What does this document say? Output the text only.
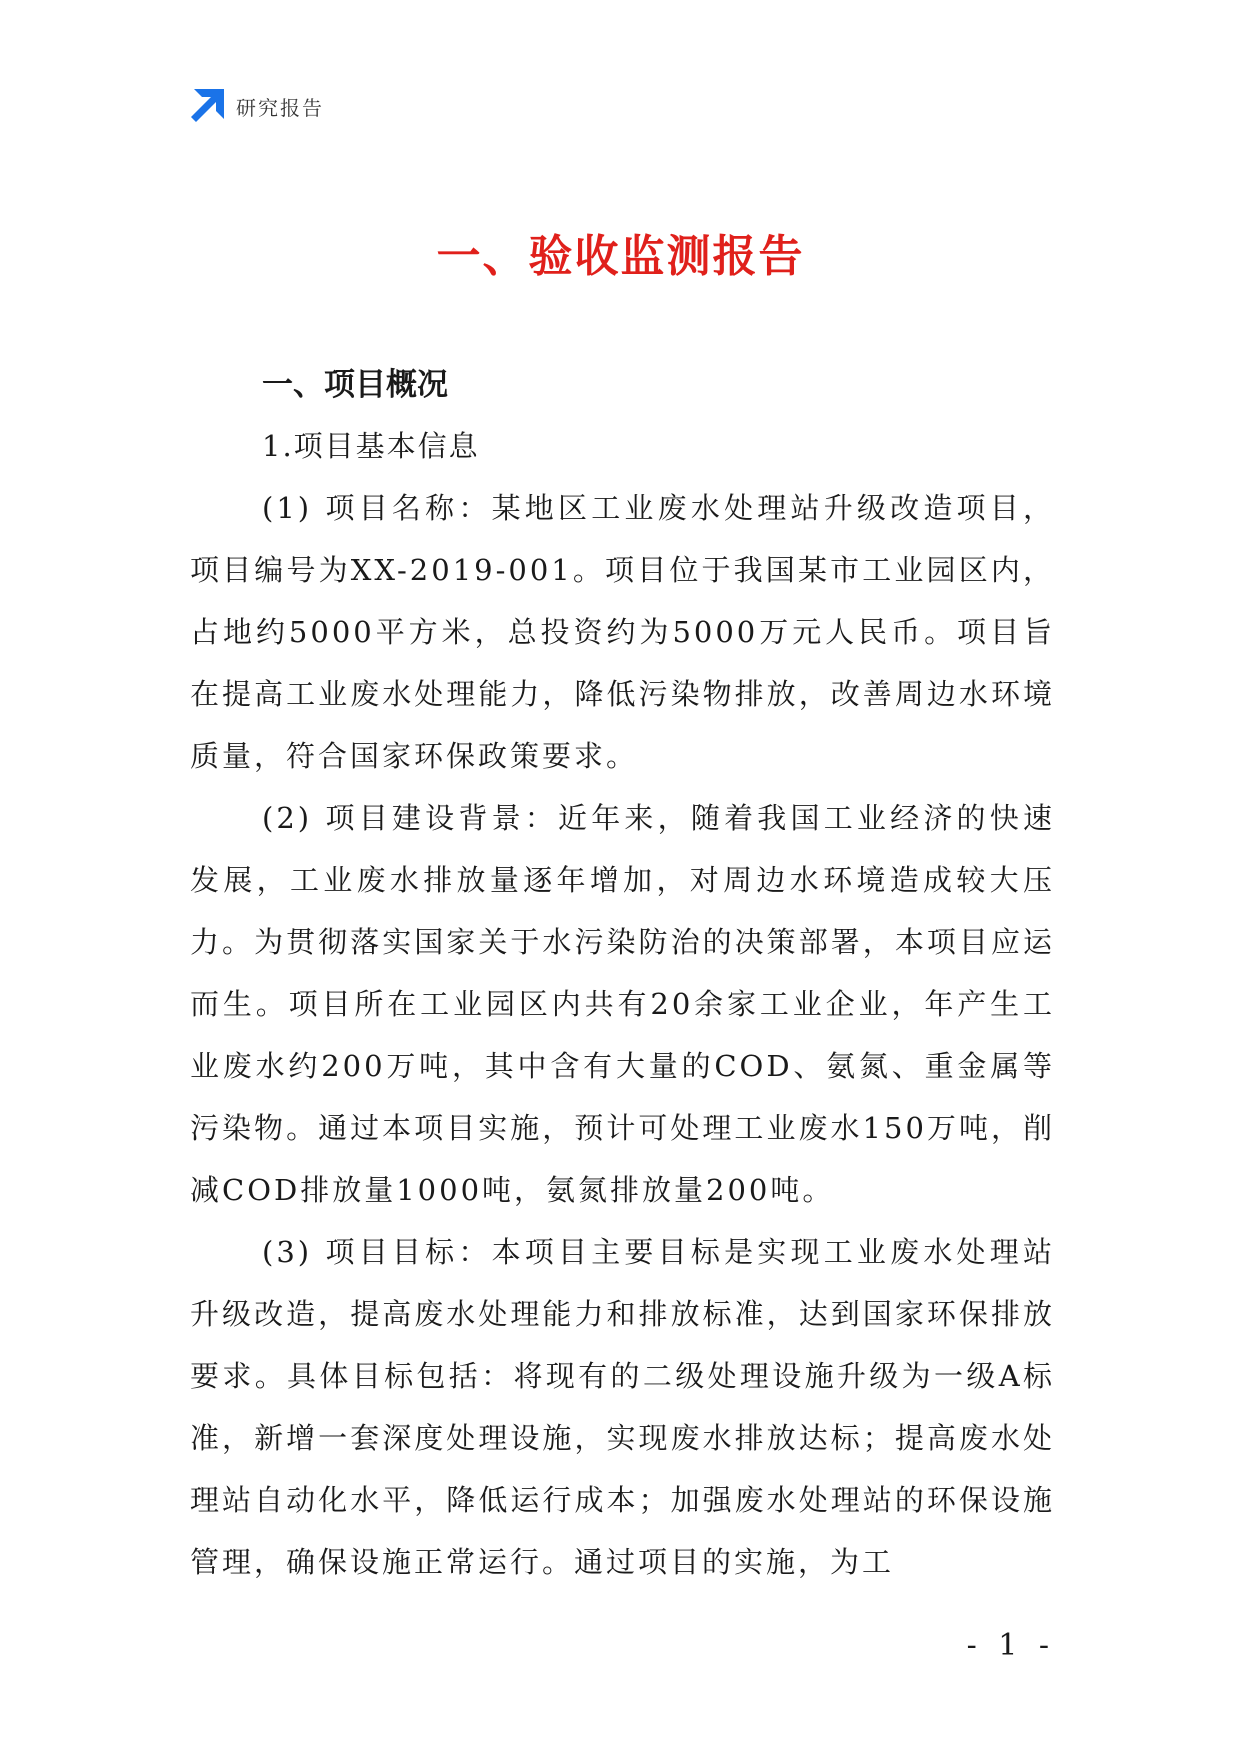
研究报告
一、验收监测报告
一、项目概况
1.项目基本信息

(1) 项目名称：某地区工业废水处理站升级改造项目，项目编号为XX-2019-001。项目位于我国某市工业园区内，占地约5000平方米，总投资约为5000万元人民币。项目旨在提高工业废水处理能力，降低污染物排放，改善周边水环境质量，符合国家环保政策要求。

(2) 项目建设背景：近年来，随着我国工业经济的快速发展，工业废水排放量逐年增加，对周边水环境造成较大压力。为贯彻落实国家关于水污染防治的决策部署，本项目应运而生。项目所在工业园区内共有20余家工业企业，年产生工业废水约200万吨，其中含有大量的COD、氨氮、重金属等污染物。通过本项目实施，预计可处理工业废水150万吨，削减COD排放量1000吨，氨氮排放量200吨。

(3) 项目目标：本项目主要目标是实现工业废水处理站升级改造，提高废水处理能力和排放标准，达到国家环保排放要求。具体目标包括：将现有的二级处理设施升级为一级A标准，新增一套深度处理设施，实现废水排放达标；提高废水处理站自动化水平，降低运行成本；加强废水处理站的环保设施管理，确保设施正常运行。通过项目的实施，为工

- 1 -
